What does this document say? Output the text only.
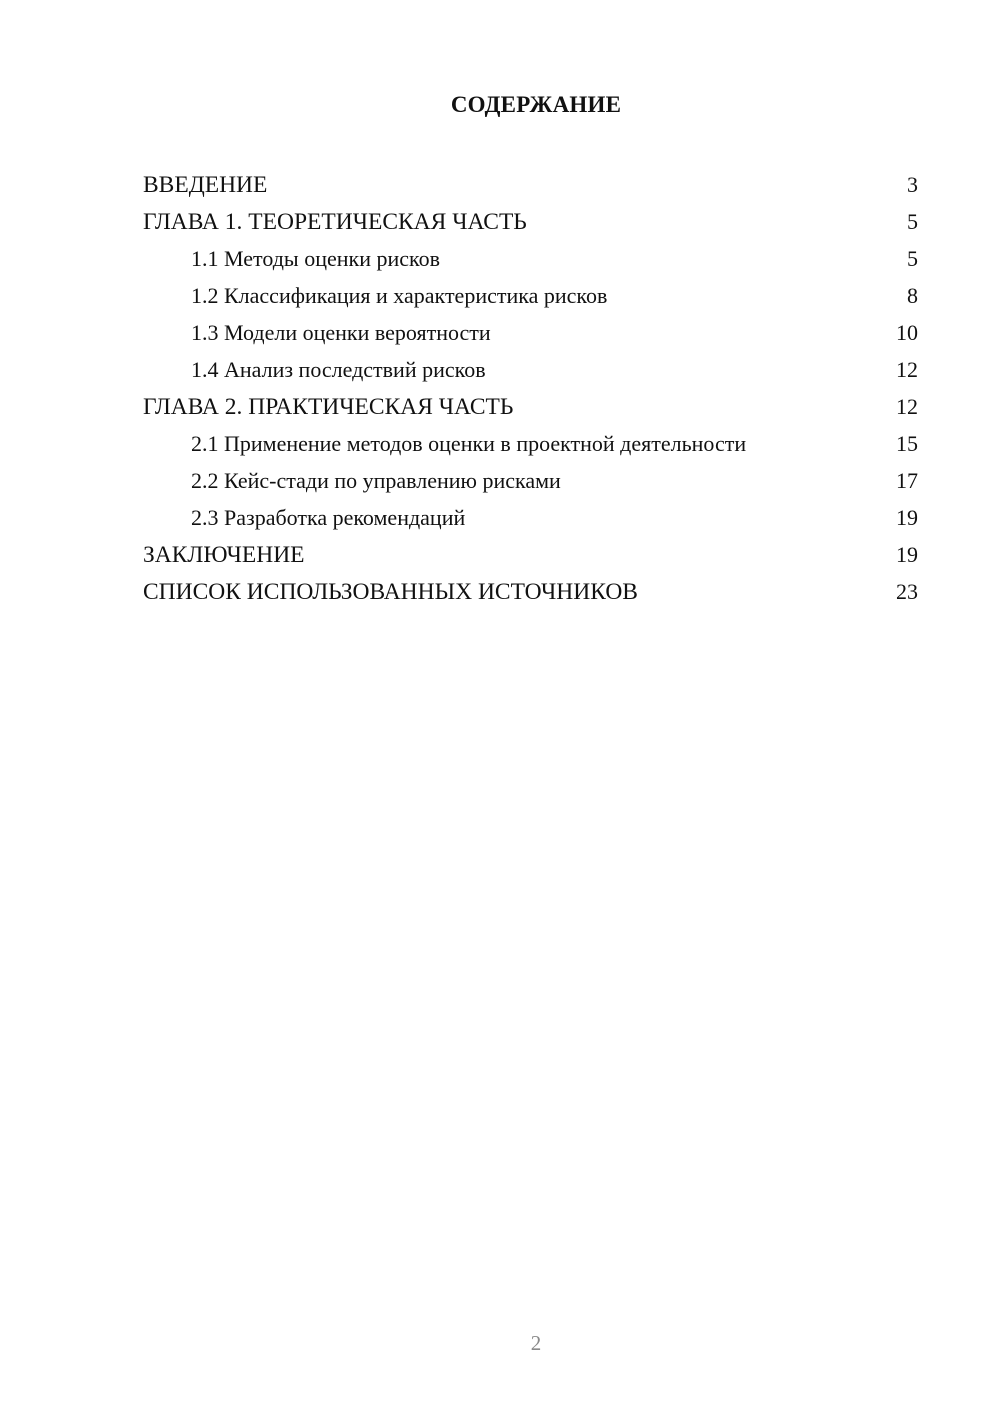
СОДЕРЖАНИЕ
ВВЕДЕНИЕ	3
ГЛАВА 1. ТЕОРЕТИЧЕСКАЯ ЧАСТЬ	5
1.1 Методы оценки рисков	5
1.2 Классификация и характеристика рисков	8
1.3 Модели оценки вероятности	10
1.4 Анализ последствий рисков	12
ГЛАВА 2. ПРАКТИЧЕСКАЯ ЧАСТЬ	12
2.1 Применение методов оценки в проектной деятельности	15
2.2 Кейс-стади по управлению рисками	17
2.3 Разработка рекомендаций	19
ЗАКЛЮЧЕНИЕ	19
СПИСОК ИСПОЛЬЗОВАННЫХ ИСТОЧНИКОВ	23
2
